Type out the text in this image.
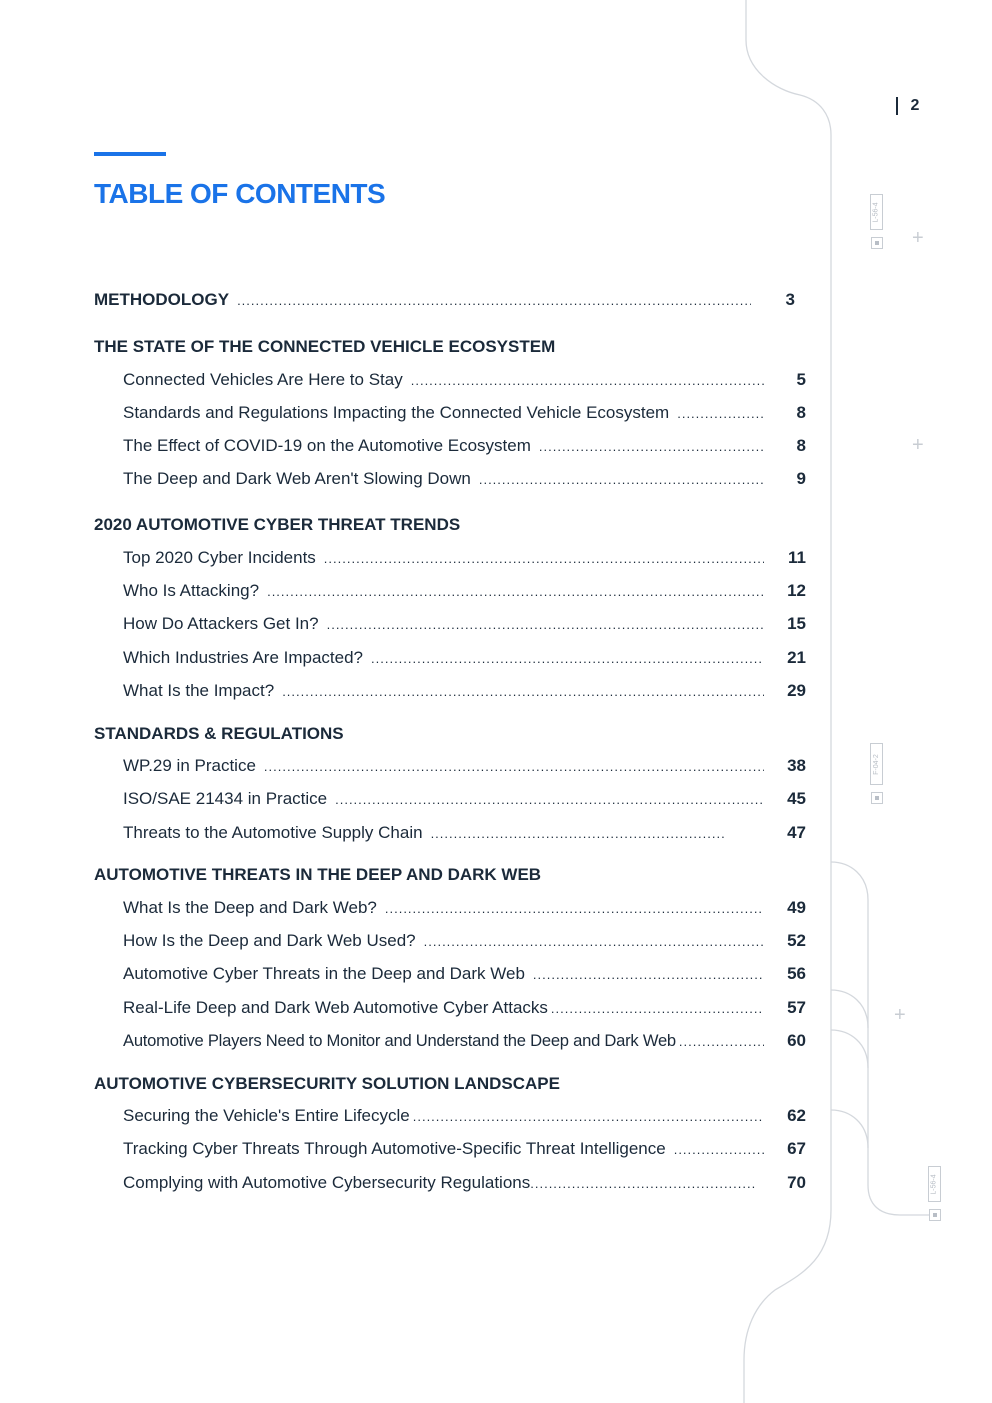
L-56-4
F-04-2
L-56-4
+
+
+
2
TABLE OF CONTENTS
METHODOLOGY .....	3
THE STATE OF THE CONNECTED VEHICLE ECOSYSTEM
Connected Vehicles Are Here to Stay .....	5
Standards and Regulations Impacting the Connected Vehicle Ecosystem .....	8
The Effect of COVID-19 on the Automotive Ecosystem .....	8
The Deep and Dark Web Aren't Slowing Down .....	9
2020 AUTOMOTIVE CYBER THREAT TRENDS
Top 2020 Cyber Incidents .....	11
Who Is Attacking? .....	12
How Do Attackers Get In? .....	15
Which Industries Are Impacted? .....	21
What Is the Impact? .....	29
STANDARDS & REGULATIONS
WP.29 in Practice .....	38
ISO/SAE 21434 in Practice .....	45
Threats to the Automotive Supply Chain .....	47
AUTOMOTIVE THREATS IN THE DEEP AND DARK WEB
What Is the Deep and Dark Web? .....	49
How Is the Deep and Dark Web Used? .....	52
Automotive Cyber Threats in the Deep and Dark Web .....	56
Real-Life Deep and Dark Web Automotive Cyber Attacks .....	57
Automotive Players Need to Monitor and Understand the Deep and Dark Web .....	60
AUTOMOTIVE CYBERSECURITY SOLUTION LANDSCAPE
Securing the Vehicle's Entire Lifecycle .....	62
Tracking Cyber Threats Through Automotive-Specific Threat Intelligence .....	67
Complying with Automotive Cybersecurity Regulations .....	70
